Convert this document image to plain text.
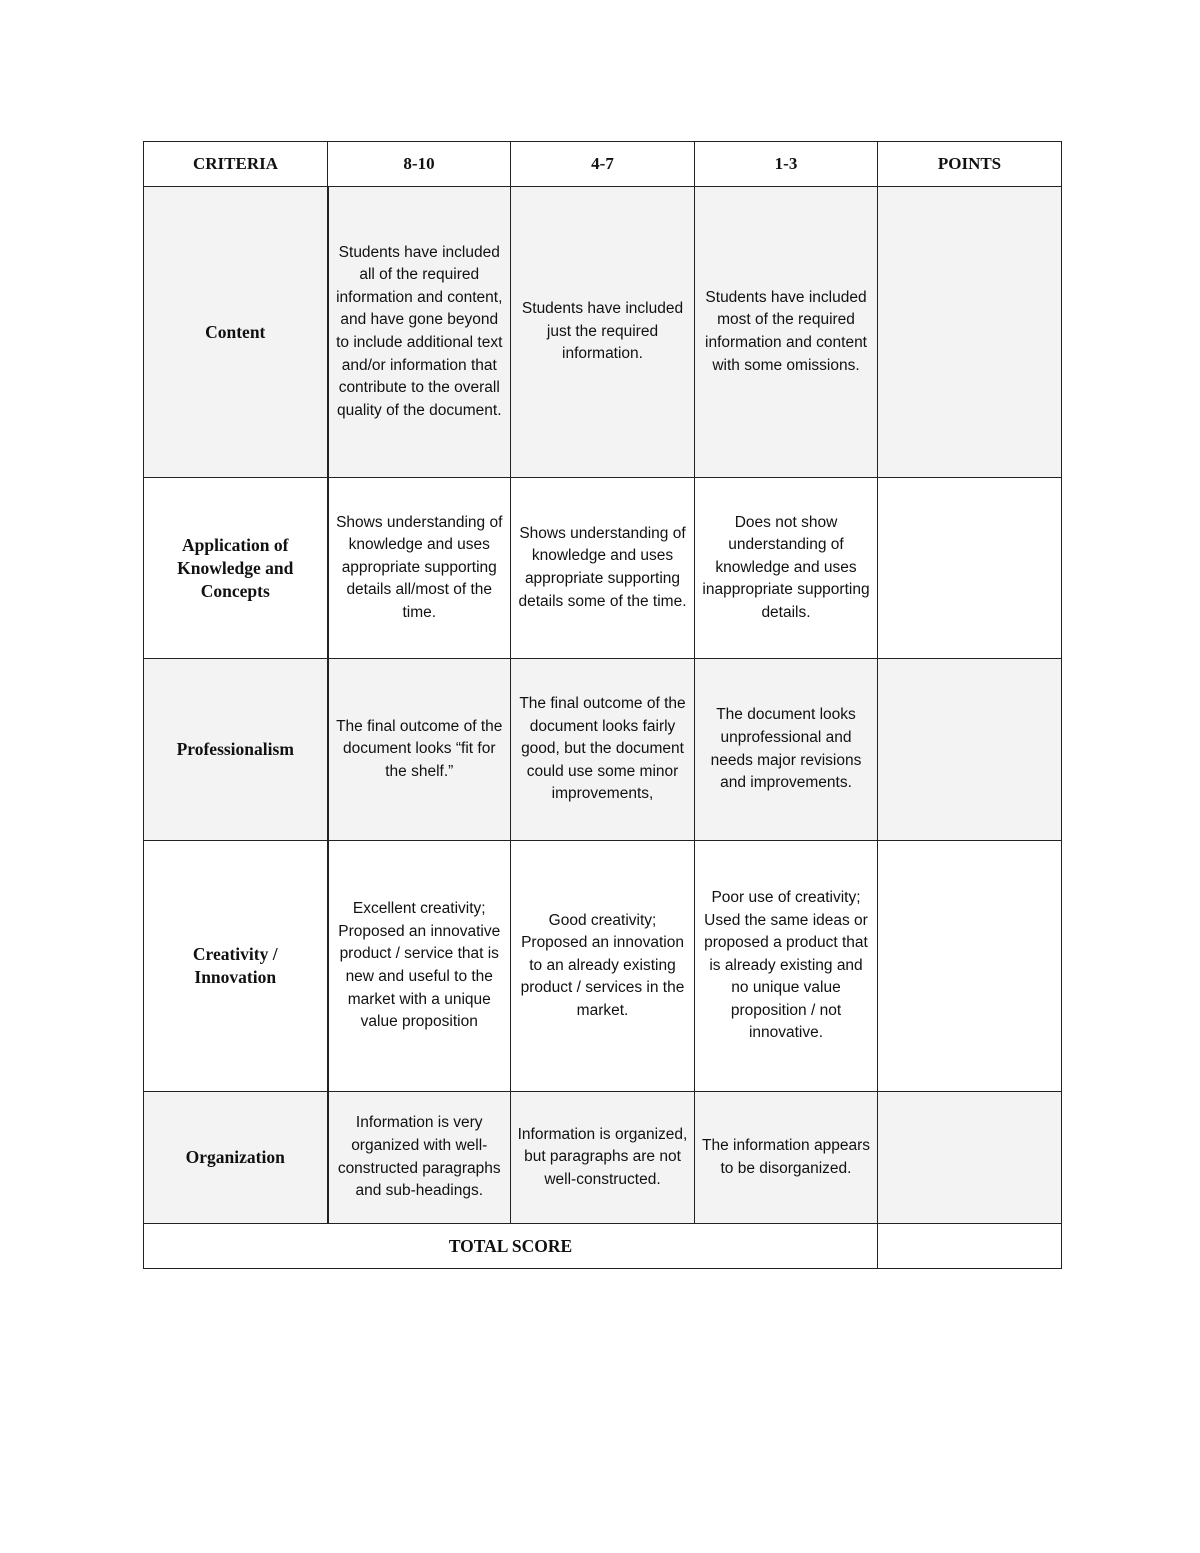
CRITERIA	8-10	4-7	1-3	POINTS
Content	Students have included all of the required information and content, and have gone beyond to include additional text and/or information that contribute to the overall quality of the document.	Students have included just the required information.	Students have included most of the required information and content with some omissions.	
Application of Knowledge and Concepts	Shows understanding of knowledge and uses appropriate supporting details all/most of the time.	Shows understanding of knowledge and uses appropriate supporting details some of the time.	Does not show understanding of knowledge and uses inappropriate supporting details.	
Professionalism	The final outcome of the document looks “fit for the shelf.”	The final outcome of the document looks fairly good, but the document could use some minor improvements,	The document looks unprofessional and needs major revisions and improvements.	
Creativity / Innovation	Excellent creativity; Proposed an innovative product / service that is new and useful to the market with a unique value proposition	Good creativity; Proposed an innovation to an already existing product / services in the market.	Poor use of creativity; Used the same ideas or proposed a product that is already existing and no unique value proposition / not innovative.	
Organization	Information is very organized with well-constructed paragraphs and sub-headings.	Information is organized, but paragraphs are not well-constructed.	The information appears to be disorganized.	
TOTAL SCORE				
